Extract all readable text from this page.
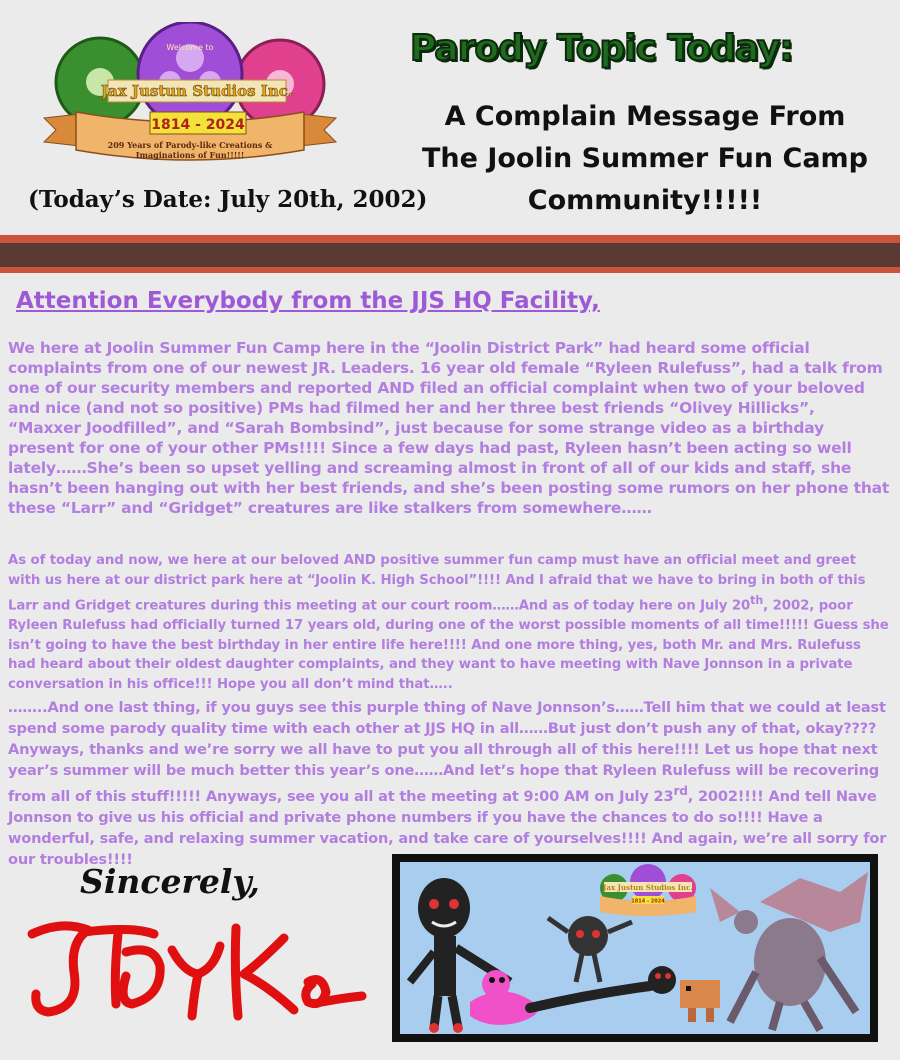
Welcome to
Jax Justun Studios Inc.
1814 - 2024
209 Years of Parody-like Creations &
Imaginations of Fun!!!!!
(Today’s Date: July 20th, 2002)
Parody Topic Today:
A Complain Message From
The Joolin Summer Fun Camp
Community!!!!!
Attention Everybody from the JJS HQ Facility,

We here at Joolin Summer Fun Camp here in the “Joolin District Park” had heard some official complaints from one of our newest JR. Leaders. 16 year old female “Ryleen Rulefuss”, had a talk from one of our security members and reported AND filed an official complaint when two of your beloved and nice (and not so positive) PMs had filmed her and her three best friends “Olivey Hillicks”, “Maxxer Joodfilled”, and “Sarah Bombsind”, just because for some strange video as a birthday present for one of your other PMs!!!! Since a few days had past, Ryleen hasn’t been acting so well lately……She’s been so upset yelling and screaming almost in front of all of our kids and staff, she hasn’t been hanging out with her best friends, and she’s been posting some rumors on her phone that these “Larr” and “Gridget” creatures are like stalkers from somewhere……

As of today and now, we here at our beloved AND positive summer fun camp must have an official meet and greet with us here at our district park here at “Joolin K. High School”!!!! And I afraid that we have to bring in both of this Larr and Gridget creatures during this meeting at our court room……And as of today here on July 20th, 2002, poor Ryleen Rulefuss had officially turned 17 years old, during one of the worst possible moments of all time!!!!! Guess she isn’t going to have the best birthday in her entire life here!!!! And one more thing, yes, both Mr. and Mrs. Rulefuss had heard about their oldest daughter complaints, and they want to have meeting with Nave Jonnson in a private conversation in his office!!! Hope you all don’t mind that…..

……..And one last thing, if you guys see this purple thing of Nave Jonnson’s……Tell him that we could at least spend some parody quality time with each other at JJS HQ in all……But just don’t push any of that, okay???? Anyways, thanks and we’re sorry we all have to put you all through all of this here!!!! Let us hope that next year’s summer will be much better this year’s one……And let’s hope that Ryleen Rulefuss will be recovering from all of this stuff!!!!! Anyways, see you all at the meeting at 9:00 AM on July 23rd, 2002!!!! And tell Nave Jonnson to give us his official and private phone numbers if you have the chances to do so!!!! Have a wonderful, safe, and relaxing summer vacation, and take care of yourselves!!!! And again, we’re all sorry for our troubles!!!!

Sincerely,	Jax Justun Studios Inc.
1814 - 2024
